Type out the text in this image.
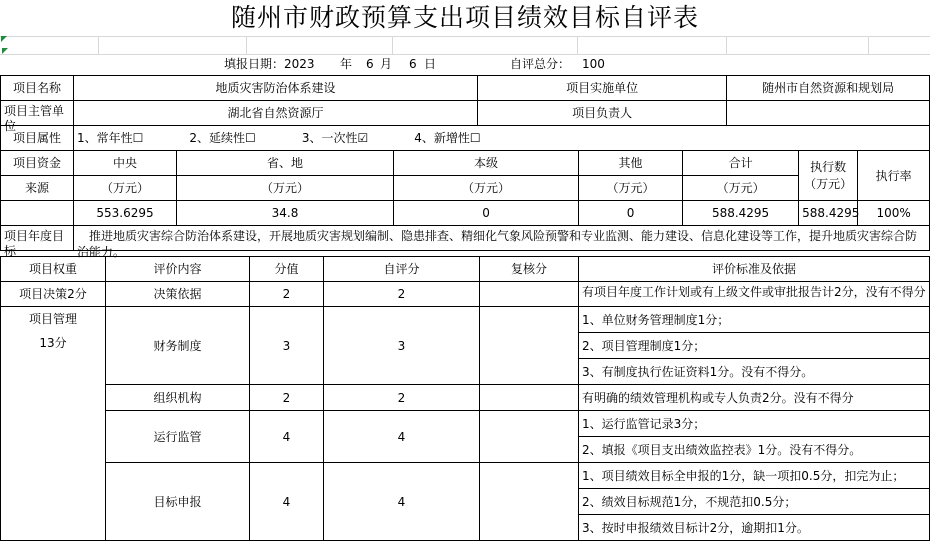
随州市财政预算支出项目绩效目标自评表
填报日期：2023 年 6 月 6 日	自评总分： 100
项目名称	地质灾害防治体系建设			项目实施单位			随州市自然资源和规划局		

项目主管单位	湖北省自然资源厅			项目负责人					
项目属性	1、常年性☐ 2、延续性☐ 3、一次性☑ 4、新增性☐								
项目资金	中央	省、地	本级		其他	合计		执行数（万元）	执行率
来源	（万元）	（万元）	（万元）		（万元）	（万元）			
	553.6295	34.8	0		0	588.4295		588.4295	100%

项目年度目标	推进地质灾害综合防治体系建设，开展地质灾害规划编制、隐患排查、精细化气象风险预警和专业监测、能力建设、信息化建设等工作，提升地质灾害综合防治能力。								
项目权重	评价内容	分值	自评分	复核分	评价标准及依据
项目决策2分	决策依据	2	2		有项目年度工作计划或有上级文件或审批报告计2分，没有不得分

项目管理
13分	财务制度	3	3		1、单位财务管理制度1分；
					2、项目管理制度1分；
					3、有制度执行佐证资料1分。没有不得分。
	组织机构	2	2		有明确的绩效管理机构或专人负责2分。没有不得分
	运行监管	4	4		1、运行监管记录3分；
					2、填报《项目支出绩效监控表》1分。没有不得分。
	目标申报	4	4		1、项目绩效目标全申报的1分，缺一项扣0.5分，扣完为止；
					2、绩效目标规范1分，不规范扣0.5分；
					3、按时申报绩效目标计2分，逾期扣1分。
